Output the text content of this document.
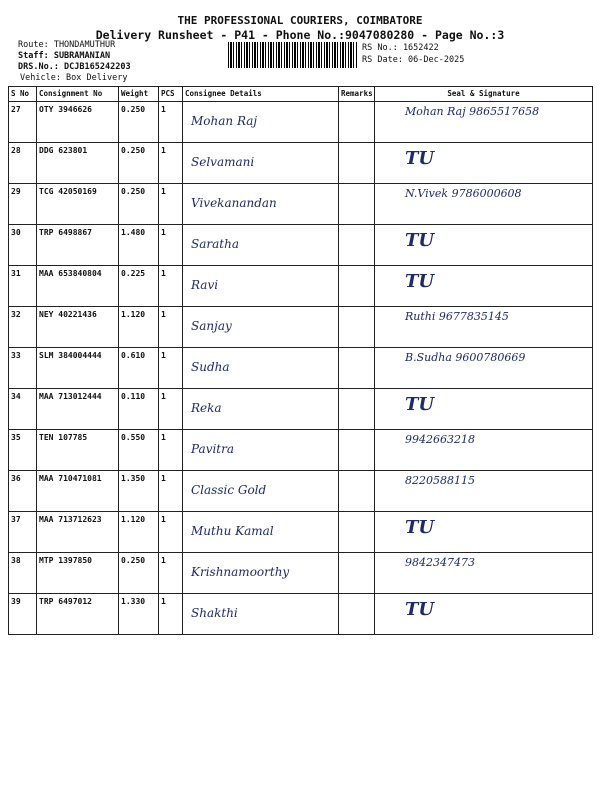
THE PROFESSIONAL COURIERS, COIMBATORE
Delivery Runsheet - P41 - Phone No.:9047080280 - Page No.:3
Route: THONDAMUTHUR
Staff: SUBRAMANIAN
DRS.No.: DCJB165242203
Vehicle: Box Delivery
RS No.: 1652422
RS Date: 06-Dec-2025
S No	Consignment No	Weight	PCS	Consignee Details	Remarks	Seal & Signature
27	OTY 3946626	0.250	1	Mohan Raj		Mohan Raj 9865517658
28	DDG 623801	0.250	1	Selvamani		TU
29	TCG 42050169	0.250	1	Vivekanandan		N.Vivek 9786000608
30	TRP 6498867	1.480	1	Saratha		TU
31	MAA 653840804	0.225	1	Ravi		TU
32	NEY 40221436	1.120	1	Sanjay		Ruthi 9677835145
33	SLM 384004444	0.610	1	Sudha		B.Sudha 9600780669
34	MAA 713012444	0.110	1	Reka		TU
35	TEN 107785	0.550	1	Pavitra		9942663218
36	MAA 710471081	1.350	1	Classic Gold		8220588115
37	MAA 713712623	1.120	1	Muthu Kamal		TU
38	MTP 1397850	0.250	1	Krishnamoorthy		9842347473
39	TRP 6497012	1.330	1	Shakthi		TU
